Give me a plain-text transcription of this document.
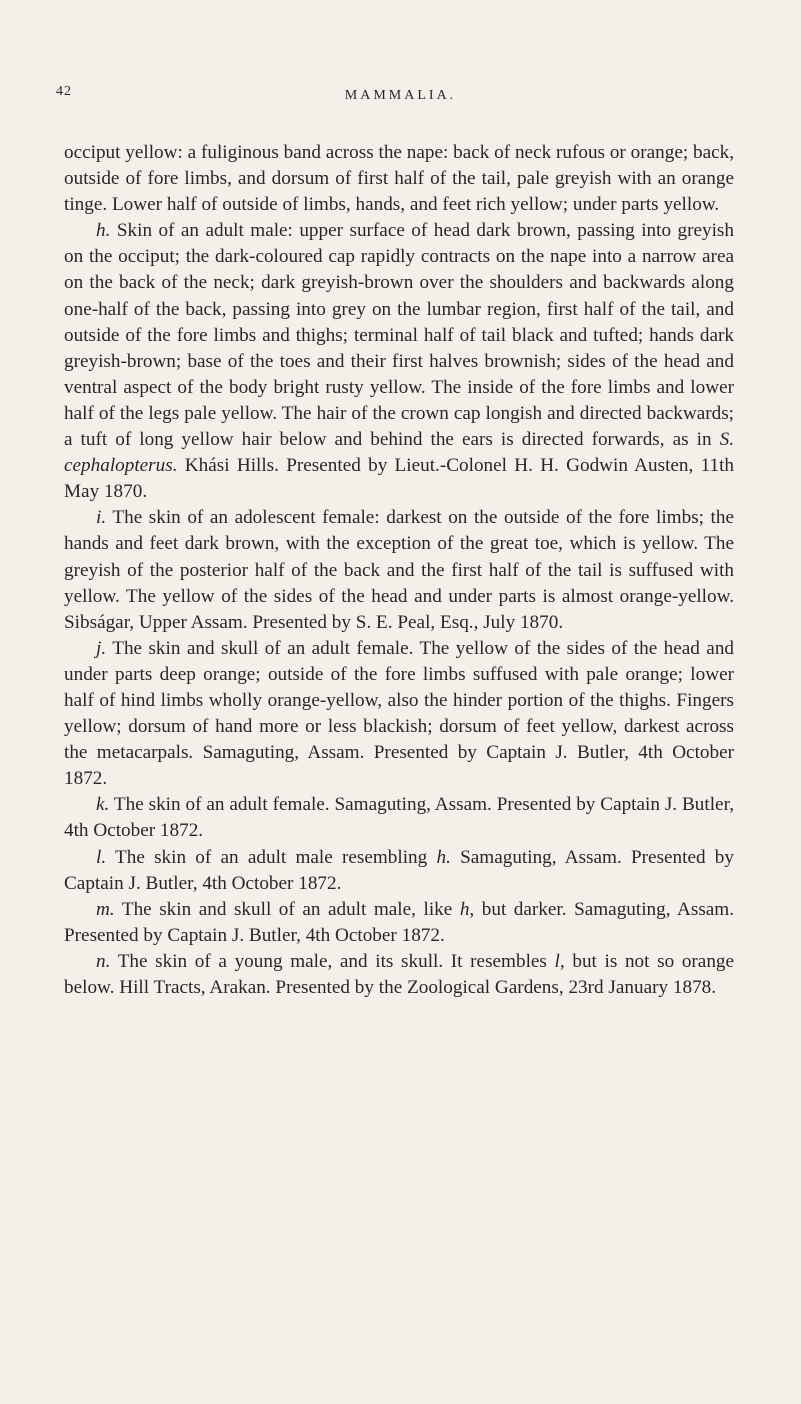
42	MAMMALIA.

occiput yellow: a fuliginous band across the nape: back of neck rufous or orange; back, outside of fore limbs, and dorsum of first half of the tail, pale greyish with an orange tinge. Lower half of outside of limbs, hands, and feet rich yellow; under parts yellow.

h. Skin of an adult male: upper surface of head dark brown, passing into greyish on the occiput; the dark-coloured cap rapidly contracts on the nape into a narrow area on the back of the neck; dark greyish-brown over the shoulders and backwards along one-half of the back, passing into grey on the lumbar region, first half of the tail, and outside of the fore limbs and thighs; terminal half of tail black and tufted; hands dark greyish-brown; base of the toes and their first halves brownish; sides of the head and ventral aspect of the body bright rusty yellow. The inside of the fore limbs and lower half of the legs pale yellow. The hair of the crown cap longish and directed backwards; a tuft of long yellow hair below and behind the ears is directed forwards, as in S. cephalopterus. Khási Hills. Presented by Lieut.-Colonel H. H. Godwin Austen, 11th May 1870.

i. The skin of an adolescent female: darkest on the outside of the fore limbs; the hands and feet dark brown, with the exception of the great toe, which is yellow. The greyish of the posterior half of the back and the first half of the tail is suffused with yellow. The yellow of the sides of the head and under parts is almost orange-yellow. Sibságar, Upper Assam. Presented by S. E. Peal, Esq., July 1870.

j. The skin and skull of an adult female. The yellow of the sides of the head and under parts deep orange; outside of the fore limbs suffused with pale orange; lower half of hind limbs wholly orange-yellow, also the hinder portion of the thighs. Fingers yellow; dorsum of hand more or less blackish; dorsum of feet yellow, darkest across the metacarpals. Samaguting, Assam. Presented by Captain J. Butler, 4th October 1872.

k. The skin of an adult female. Samaguting, Assam. Presented by Captain J. Butler, 4th October 1872.

l. The skin of an adult male resembling h. Samaguting, Assam. Presented by Captain J. Butler, 4th October 1872.

m. The skin and skull of an adult male, like h, but darker. Samaguting, Assam. Presented by Captain J. Butler, 4th October 1872.

n. The skin of a young male, and its skull. It resembles l, but is not so orange below. Hill Tracts, Arakan. Presented by the Zoological Gardens, 23rd January 1878.
